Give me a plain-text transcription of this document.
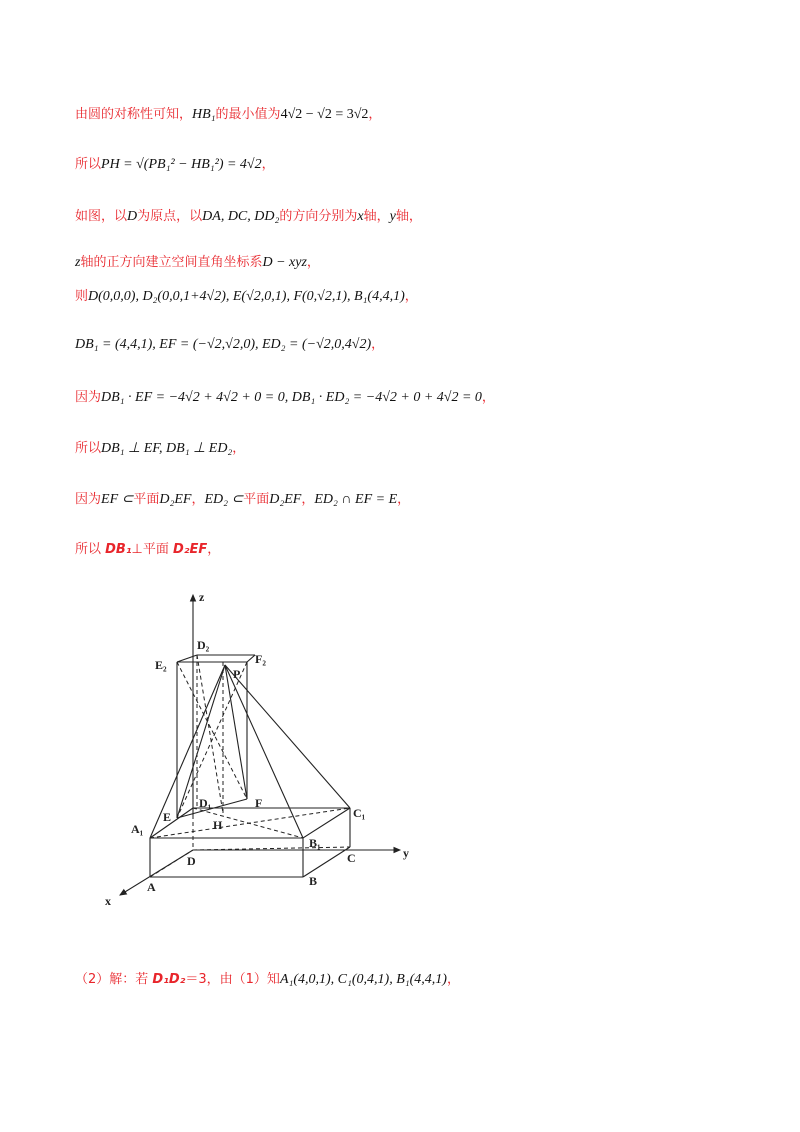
由圆的对称性可知，HB₁的最小值为4√2 − √2 = 3√2，
所以PH = √(PB₁² − HB₁²) = 4√2，
如图，以D为原点，以DA, DC, DD₂的方向分别为x轴，y轴，
z轴的正方向建立空间直角坐标系D − xyz，
则D(0,0,0), D₂(0,0,1+4√2), E(√2,0,1), F(0,√2,1), B₁(4,4,1)，
DB₁ = (4,4,1), EF = (−√2,√2,0), ED₂ = (−√2,0,4√2)，
因为DB₁ · EF = −4√2 + 4√2 + 0 = 0, DB₁ · ED₂ = −4√2 + 0 + 4√2 = 0，
所以DB₁ ⊥ EF, DB₁ ⊥ ED₂，
因为EF ⊂平面D₂EF，ED₂ ⊂平面D₂EF，ED₂ ∩ EF = E，
所以 DB₁⊥平面 D₂EF，
z
y
x
D₂
E₂	F₂
P
D₁	F
E
H
A₁
B₁
C₁
D
A	B
C
（2）解：若 D₁D₂＝3，由（1）知A₁(4,0,1), C₁(0,4,1), B₁(4,4,1)，
